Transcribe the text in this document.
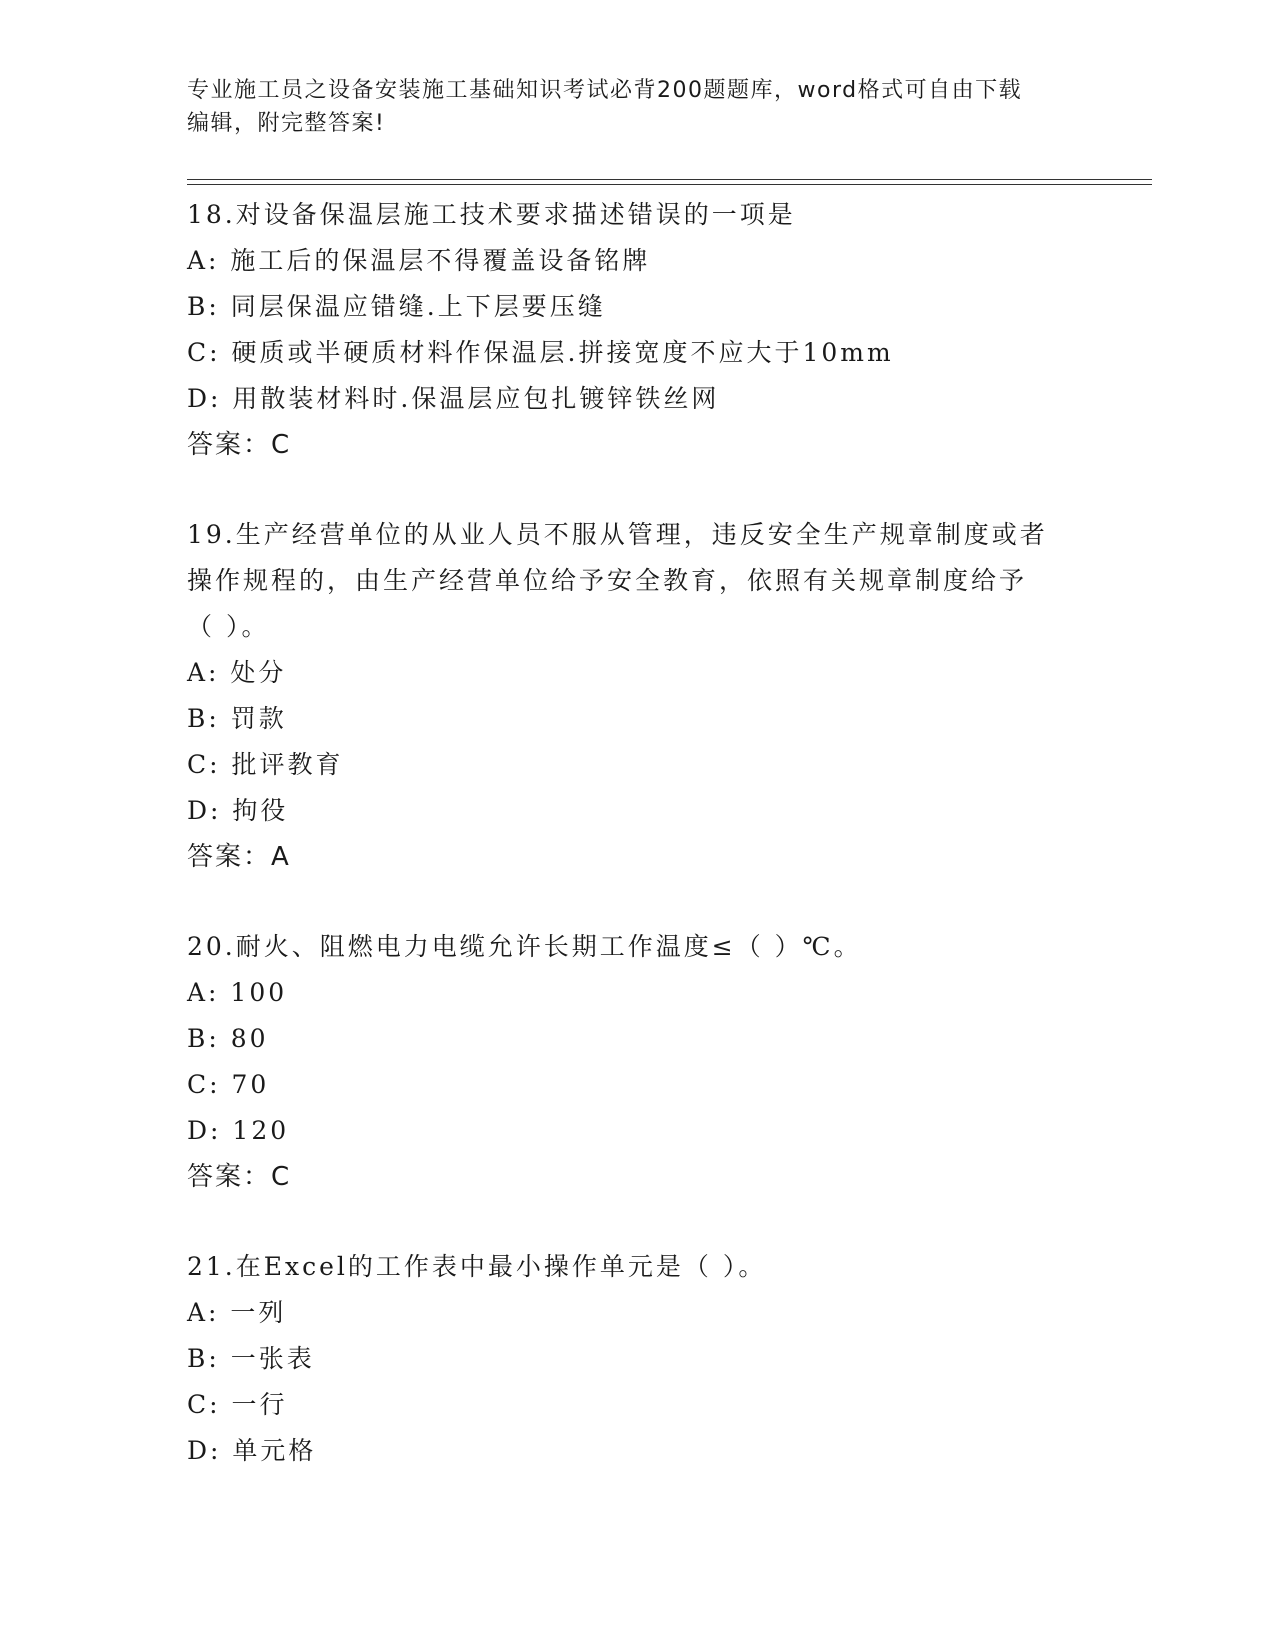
专业施工员之设备安装施工基础知识考试必背200题题库，word格式可自由下载
编辑，附完整答案!
18.对设备保温层施工技术要求描述错误的一项是
A: 施工后的保温层不得覆盖设备铭牌
B: 同层保温应错缝.上下层要压缝
C: 硬质或半硬质材料作保温层.拼接宽度不应大于10mm
D: 用散装材料时.保温层应包扎镀锌铁丝网
答案：C
19.生产经营单位的从业人员不服从管理，违反安全生产规章制度或者
操作规程的，由生产经营单位给予安全教育，依照有关规章制度给予
（ ）。
A: 处分
B: 罚款
C: 批评教育
D: 拘役
答案：A
20.耐火、阻燃电力电缆允许长期工作温度≤（ ）℃。
A: 100
B: 80
C: 70
D: 120
答案：C
21.在Excel的工作表中最小操作单元是（ ）。
A: 一列
B: 一张表
C: 一行
D: 单元格
